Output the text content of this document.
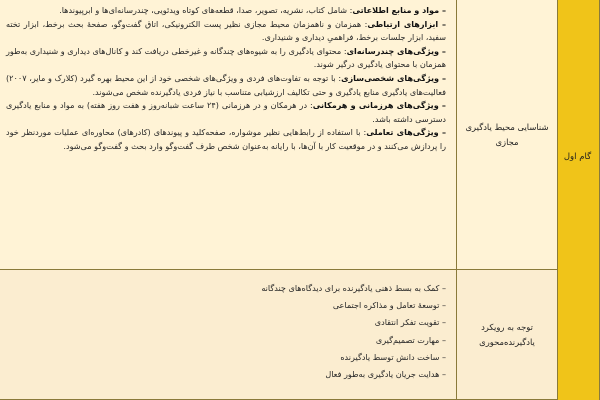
گام اول
شناسایی محیط یادگیری مجازی

– مواد و منابع اطلاعاتی: شامل کتاب، نشریه، تصویر، صدا، قطعه‌های کوتاه ویدئویی، چندرسانه‌ای‌ها و ابرپیوندها.

– ابزارهای ارتباطی: همزمان و ناهمزمان محیط مجازی نظیر پست الکترونیکی، اتاق گفت‌وگو، صفحهٔ بحث برخط، ابزار تخته سفید، ابزار جلسات برخط، فراهمیِ دیداری و شنیداری.

– ویژگی‌های چندرسانه‌ای: محتوای یادگیری را به شیوه‌های چندگانه و غیرخطی دریافت کند و کانال‌های دیداری و شنیداری به‌طور همزمان با محتوای یادگیری درگیر شوند.

– ویژگی‌های شخصی‌سازی: با توجه به تفاوت‌های فردی و ویژگی‌های شخصی خود از این محیط بهره گیرد (کلارک و مایر، ۲۰۰۷) فعالیت‌های یادگیری منابع یادگیری و حتی تکالیف ارزشیابی متناسب با نیاز فردی یادگیرنده شخص می‌شوند.

– ویژگی‌های هرزمانی و هرمکانی: در هرمکان و در هرزمانی (۲۴ ساعت شبانه‌روز و هفت روز هفته) به مواد و منابع یادگیری دسترسی داشته باشد.

– ویژگی‌های تعاملی: با استفاده از رابط‌هایی نظیر موشواره، صفحه‌کلید و پیوندهای (کادرهای) محاوره‌ای عملیات موردنظر خود را پردازش می‌کنند و در موقعیت کار با آن‌ها، با رایانه به‌عنوان شخص طرف گفت‌وگو وارد بحث و گفت‌وگو می‌شود.

توجه به رویکرد یادگیرنده‌محوری
– کمک به بسط ذهنی یادگیرنده برای دیدگاه‌های چندگانه
– توسعهٔ تعامل و مذاکره اجتماعی
– تقویت تفکر انتقادی
– مهارت تصمیم‌گیری
– ساخت دانش توسط یادگیرنده
– هدایت جریان یادگیری به‌طور فعال
